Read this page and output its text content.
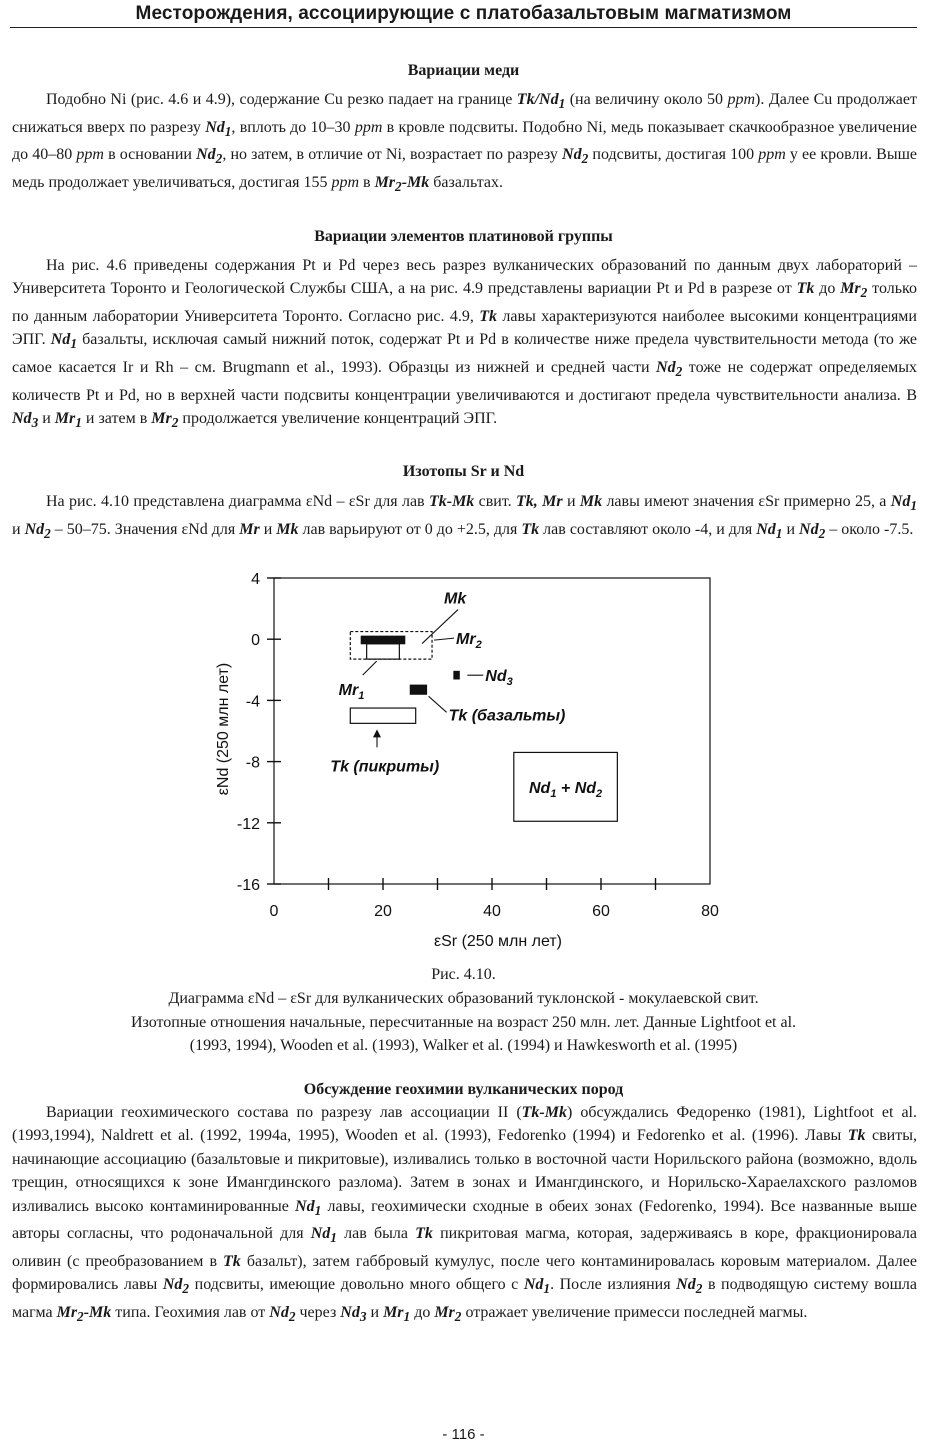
Месторождения, ассоциирующие с платобазальтовым магматизмом
Вариации меди
Подобно Ni (рис. 4.6 и 4.9), содержание Cu резко падает на границе $Tk/Nd_1$ (на величину около 50 ppm). Далее Cu продолжает снижаться вверх по разрезу $Nd_1$, вплоть до 10–30 ppm в кровле подсвиты. Подобно Ni, медь показывает скачкообразное увеличение до 40–80 ppm в основании $Nd_2$, но затем, в отличие от Ni, возрастает по разрезу $Nd_2$ подсвиты, достигая 100 ppm у ее кровли. Выше медь продолжает увеличиваться, достигая 155 ppm в $Mr_2-Mk$ базальтах.
Вариации элементов платиновой группы
На рис. 4.6 приведены содержания Pt и Pd через весь разрез вулканических образований по данным двух лабораторий – Университета Торонто и Геологической Службы США, а на рис. 4.9 представлены вариации Pt и Pd в разрезе от Tk до $Mr_2$ только по данным лаборатории Университета Торонто. Согласно рис. 4.9, Tk лавы характеризуются наиболее высокими концентрациями ЭПГ. $Nd_1$ базальты, исключая самый нижний поток, содержат Pt и Pd в количестве ниже предела чувствительности метода (то же самое касается Ir и Rh – см. Brugmann et al., 1993). Образцы из нижней и средней части $Nd_2$ тоже не содержат определяемых количеств Pt и Pd, но в верхней части подсвиты концентрации увеличиваются и достигают предела чувствительности анализа. В $Nd_3$ и $Mr_1$ и затем в $Mr_2$ продолжается увеличение концентраций ЭПГ.
Изотопы Sr и Nd
На рис. 4.10 представлена диаграмма εNd – εSr для лав Tk-Mk свит. Tk, Mr и Mk лавы имеют значения εSr примерно 25, а $Nd_1$ и $Nd_2 - 50-75$. Значения εNd для Mr и Mk лав варьируют от 0 до +2.5, для Tk лав составляют около -4, и для $Nd_1$ и $Nd_2$ – около -7.5.
0	20	40	60	80
4
0
-4
-8
-12
-16
εSr (250 млн лет)
εNd (250 млн лет)
Mk
$Mr_2$
$Mr_1$
$Nd_3$
Tk (базальты)
Tk (пикриты)
$Nd_1 + Nd_2$
Рис. 4.10.
Диаграмма εNd – εSr для вулканических образований туклонской - мокулаевской свит.
Изотопные отношения начальные, пересчитанные на возраст 250 млн. лет. Данные Lightfoot et al.
(1993, 1994), Wooden et al. (1993), Walker et al. (1994) и Hawkesworth et al. (1995)
Обсуждение геохимии вулканических пород
Вариации геохимического состава по разрезу лав ассоциации II (Tk-Mk) обсуждались Федоренко (1981), Lightfoot et al. (1993,1994), Naldrett et al. (1992, 1994a, 1995), Wooden et al. (1993), Fedorenko (1994) и Fedorenko et al. (1996). Лавы Tk свиты, начинающие ассоциацию (базальтовые и пикритовые), изливались только в восточной части Норильского района (возможно, вдоль трещин, относящихся к зоне Имангдинского разлома). Затем в зонах и Имангдинского, и Норильско-Хараелахского разломов изливались высоко контаминированные $Nd_1$ лавы, геохимически сходные в обеих зонах (Fedorenko, 1994). Все названные выше авторы согласны, что родоначальной для $Nd_1$ лав была Tk пикритовая магма, которая, задерживаясь в коре, фракционировала оливин (с преобразованием в Tk базальт), затем габбровый кумулус, после чего контаминировалась коровым материалом. Далее формировались лавы $Nd_2$ подсвиты, имеющие довольно много общего с $Nd_1$. После излияния $Nd_2$ в подводящую систему вошла магма $Mr_2-Mk$ типа. Геохимия лав от $Nd_2$ через $Nd_3$ и $Mr_1$ до $Mr_2$ отражает увеличение примесси последней магмы.
- 116 -
